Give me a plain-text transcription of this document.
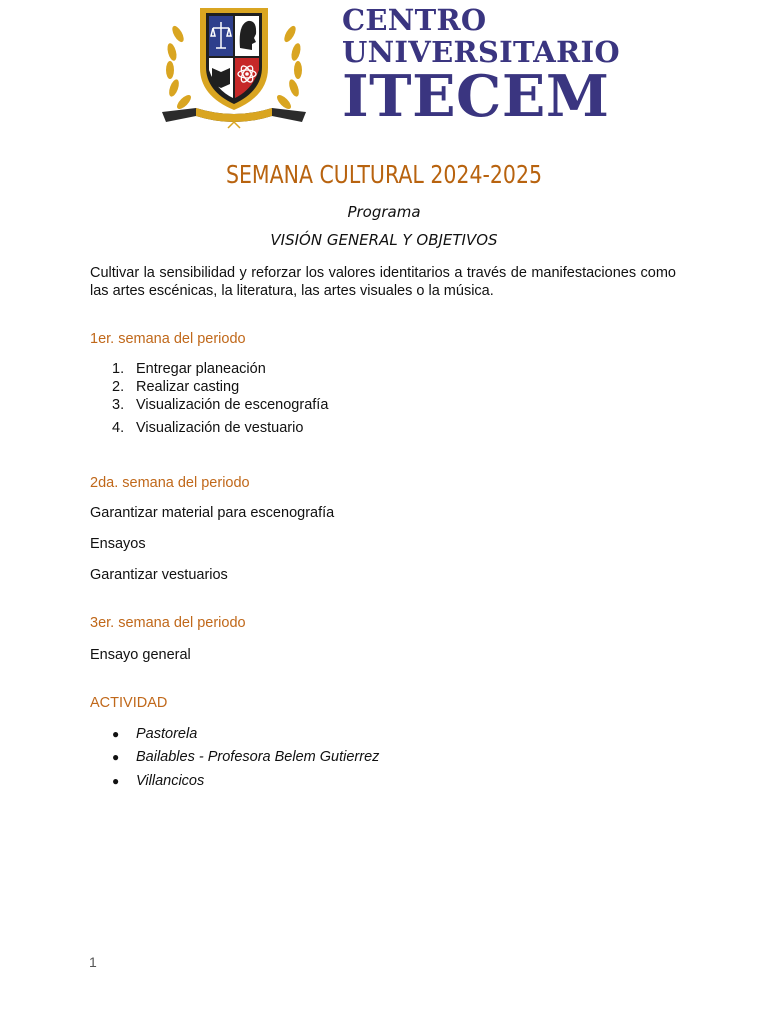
CENTRO
UNIVERSITARIO
ITECEM
SEMANA CULTURAL 2024-2025
Programa
VISIÓN GENERAL Y OBJETIVOS
Cultivar la sensibilidad y reforzar los valores identitarios a través de manifestaciones como las artes escénicas, la literatura, las artes visuales o la música.
1er. semana del periodo
1. Entregar planeación
2. Realizar casting
3. Visualización de escenografía
4. Visualización de vestuario
2da. semana del periodo
Garantizar material para escenografía
Ensayos
Garantizar vestuarios
3er. semana del periodo
Ensayo general
ACTIVIDAD
● Pastorela
● Bailables - Profesora Belem Gutierrez
● Villancicos
1
